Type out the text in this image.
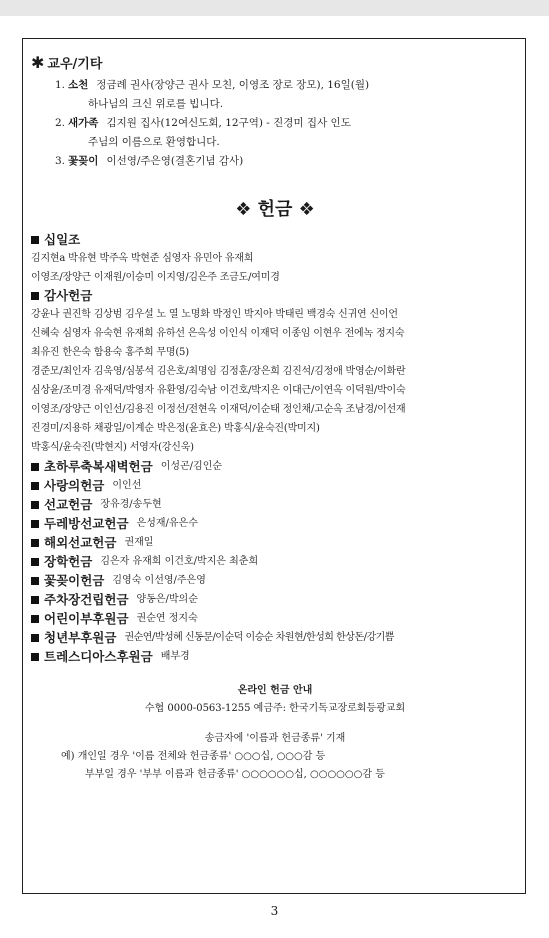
✱ 교우/기타
1. 소천 정금례 권사(장양근 권사 모친, 이영조 장로 장모), 16일(월)
하나님의 크신 위로를 빕니다.
2. 새가족 김지원 집사(12여신도회, 12구역) - 진경미 집사 인도
주님의 이름으로 환영합니다.
3. 꽃꽂이 이선영/주은영(결혼기념 감사)
❖ 헌금 ❖
십일조
김지현a 박유현 박주옥 박현준 심영자 유민아 유재희
이영조/장양근 이재원/이승미 이지영/김은주 조금도/여미경
감사헌금
강윤나 권진학 김상범 김우설 노 열 노명화 박정인 박지아 박태린 백경숙 신귀연 신이언
신혜숙 심영자 유숙현 유재희 유하선 은옥성 이인식 이재덕 이종임 이현우 전에녹 정지숙
최유진 한은숙 함용숙 홍주희 무명(5)
경준모/최인자 김욱영/심봉석 김은호/최명임 김정훈/장은희 김진석/김정애 박영순/이화란
심상윤/조미경 유재덕/박영자 유환영/김숙남 이건호/박지은 이대근/이연옥 이덕원/박이숙
이영조/장양근 이인선/김용진 이정선/전현옥 이재덕/이순태 정인채/고순옥 조남경/이선재
진경미/지용하 채광일/이계순 박은정(윤효은) 박홍식/윤숙진(박미지)
박홍식/윤숙진(박현지) 서영자(강신욱)
초하루축복새벽헌금 이성곤/김인순
사랑의헌금 이인선
선교헌금 장유경/송두현
두레방선교헌금 은성재/유은수
해외선교헌금 권재일
장학헌금 김은자 유재희 이건호/박지은 최춘희
꽃꽂이헌금 김영숙 이선영/주은영
주차장건립헌금 양동은/박의순
어린이부후원금 권순연 정지숙
청년부후원금 권순연/박성혜 신동문/이순덕 이승순 차원현/한성희 한상돈/강기쁨
트레스디아스후원금 배부경
온라인 헌금 안내
수협 0000-0563-1255 예금주: 한국기독교장로회등광교회
송금자에 '이름과 헌금종류' 기재
예) 개인일 경우 '이름 전체와 헌금종류' ○○○십, ○○○감 등
부부일 경우 '부부 이름과 헌금종류' ○○○○○○십, ○○○○○○감 등
3
